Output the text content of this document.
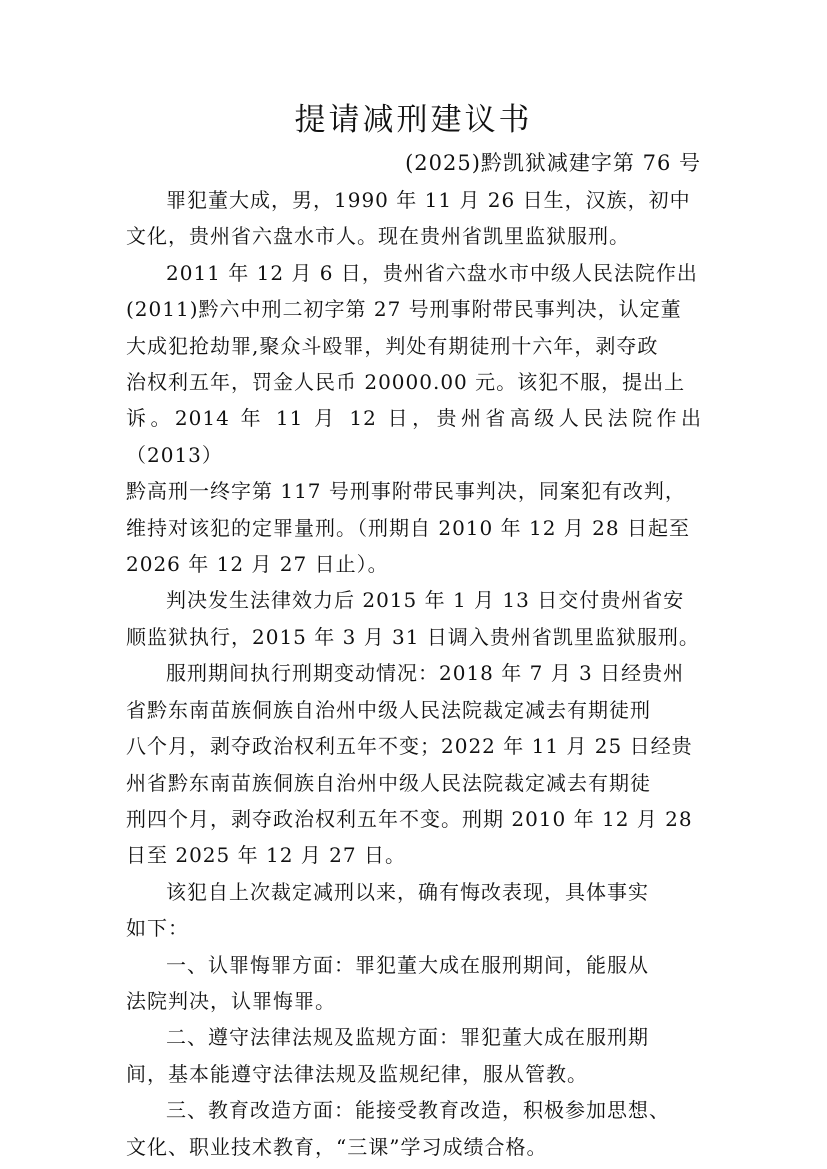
提请减刑建议书
(2025)黔凯狱减建字第 76 号

罪犯董大成，男，1990 年 11 月 26 日生，汉族，初中
文化，贵州省六盘水市人。现在贵州省凯里监狱服刑。

2011 年 12 月 6 日，贵州省六盘水市中级人民法院作出
(2011)黔六中刑二初字第 27 号刑事附带民事判决，认定董
大成犯抢劫罪,聚众斗殴罪，判处有期徒刑十六年，剥夺政
治权利五年，罚金人民币 20000.00 元。该犯不服，提出上
诉。2014 年 11 月 12 日，贵州省高级人民法院作出（2013）
黔高刑一终字第 117 号刑事附带民事判决，同案犯有改判，
维持对该犯的定罪量刑。（刑期自 2010 年 12 月 28 日起至
2026 年 12 月 27 日止）。

判决发生法律效力后 2015 年 1 月 13 日交付贵州省安
顺监狱执行，2015 年 3 月 31 日调入贵州省凯里监狱服刑。

服刑期间执行刑期变动情况：2018 年 7 月 3 日经贵州
省黔东南苗族侗族自治州中级人民法院裁定减去有期徒刑
八个月，剥夺政治权利五年不变；2022 年 11 月 25 日经贵
州省黔东南苗族侗族自治州中级人民法院裁定减去有期徒
刑四个月，剥夺政治权利五年不变。刑期 2010 年 12 月 28
日至 2025 年 12 月 27 日。

该犯自上次裁定减刑以来，确有悔改表现，具体事实
如下：

一、认罪悔罪方面：罪犯董大成在服刑期间，能服从
法院判决，认罪悔罪。

二、遵守法律法规及监规方面：罪犯董大成在服刑期
间，基本能遵守法律法规及监规纪律，服从管教。

三、教育改造方面：能接受教育改造，积极参加思想、
文化、职业技术教育，“三课”学习成绩合格。
